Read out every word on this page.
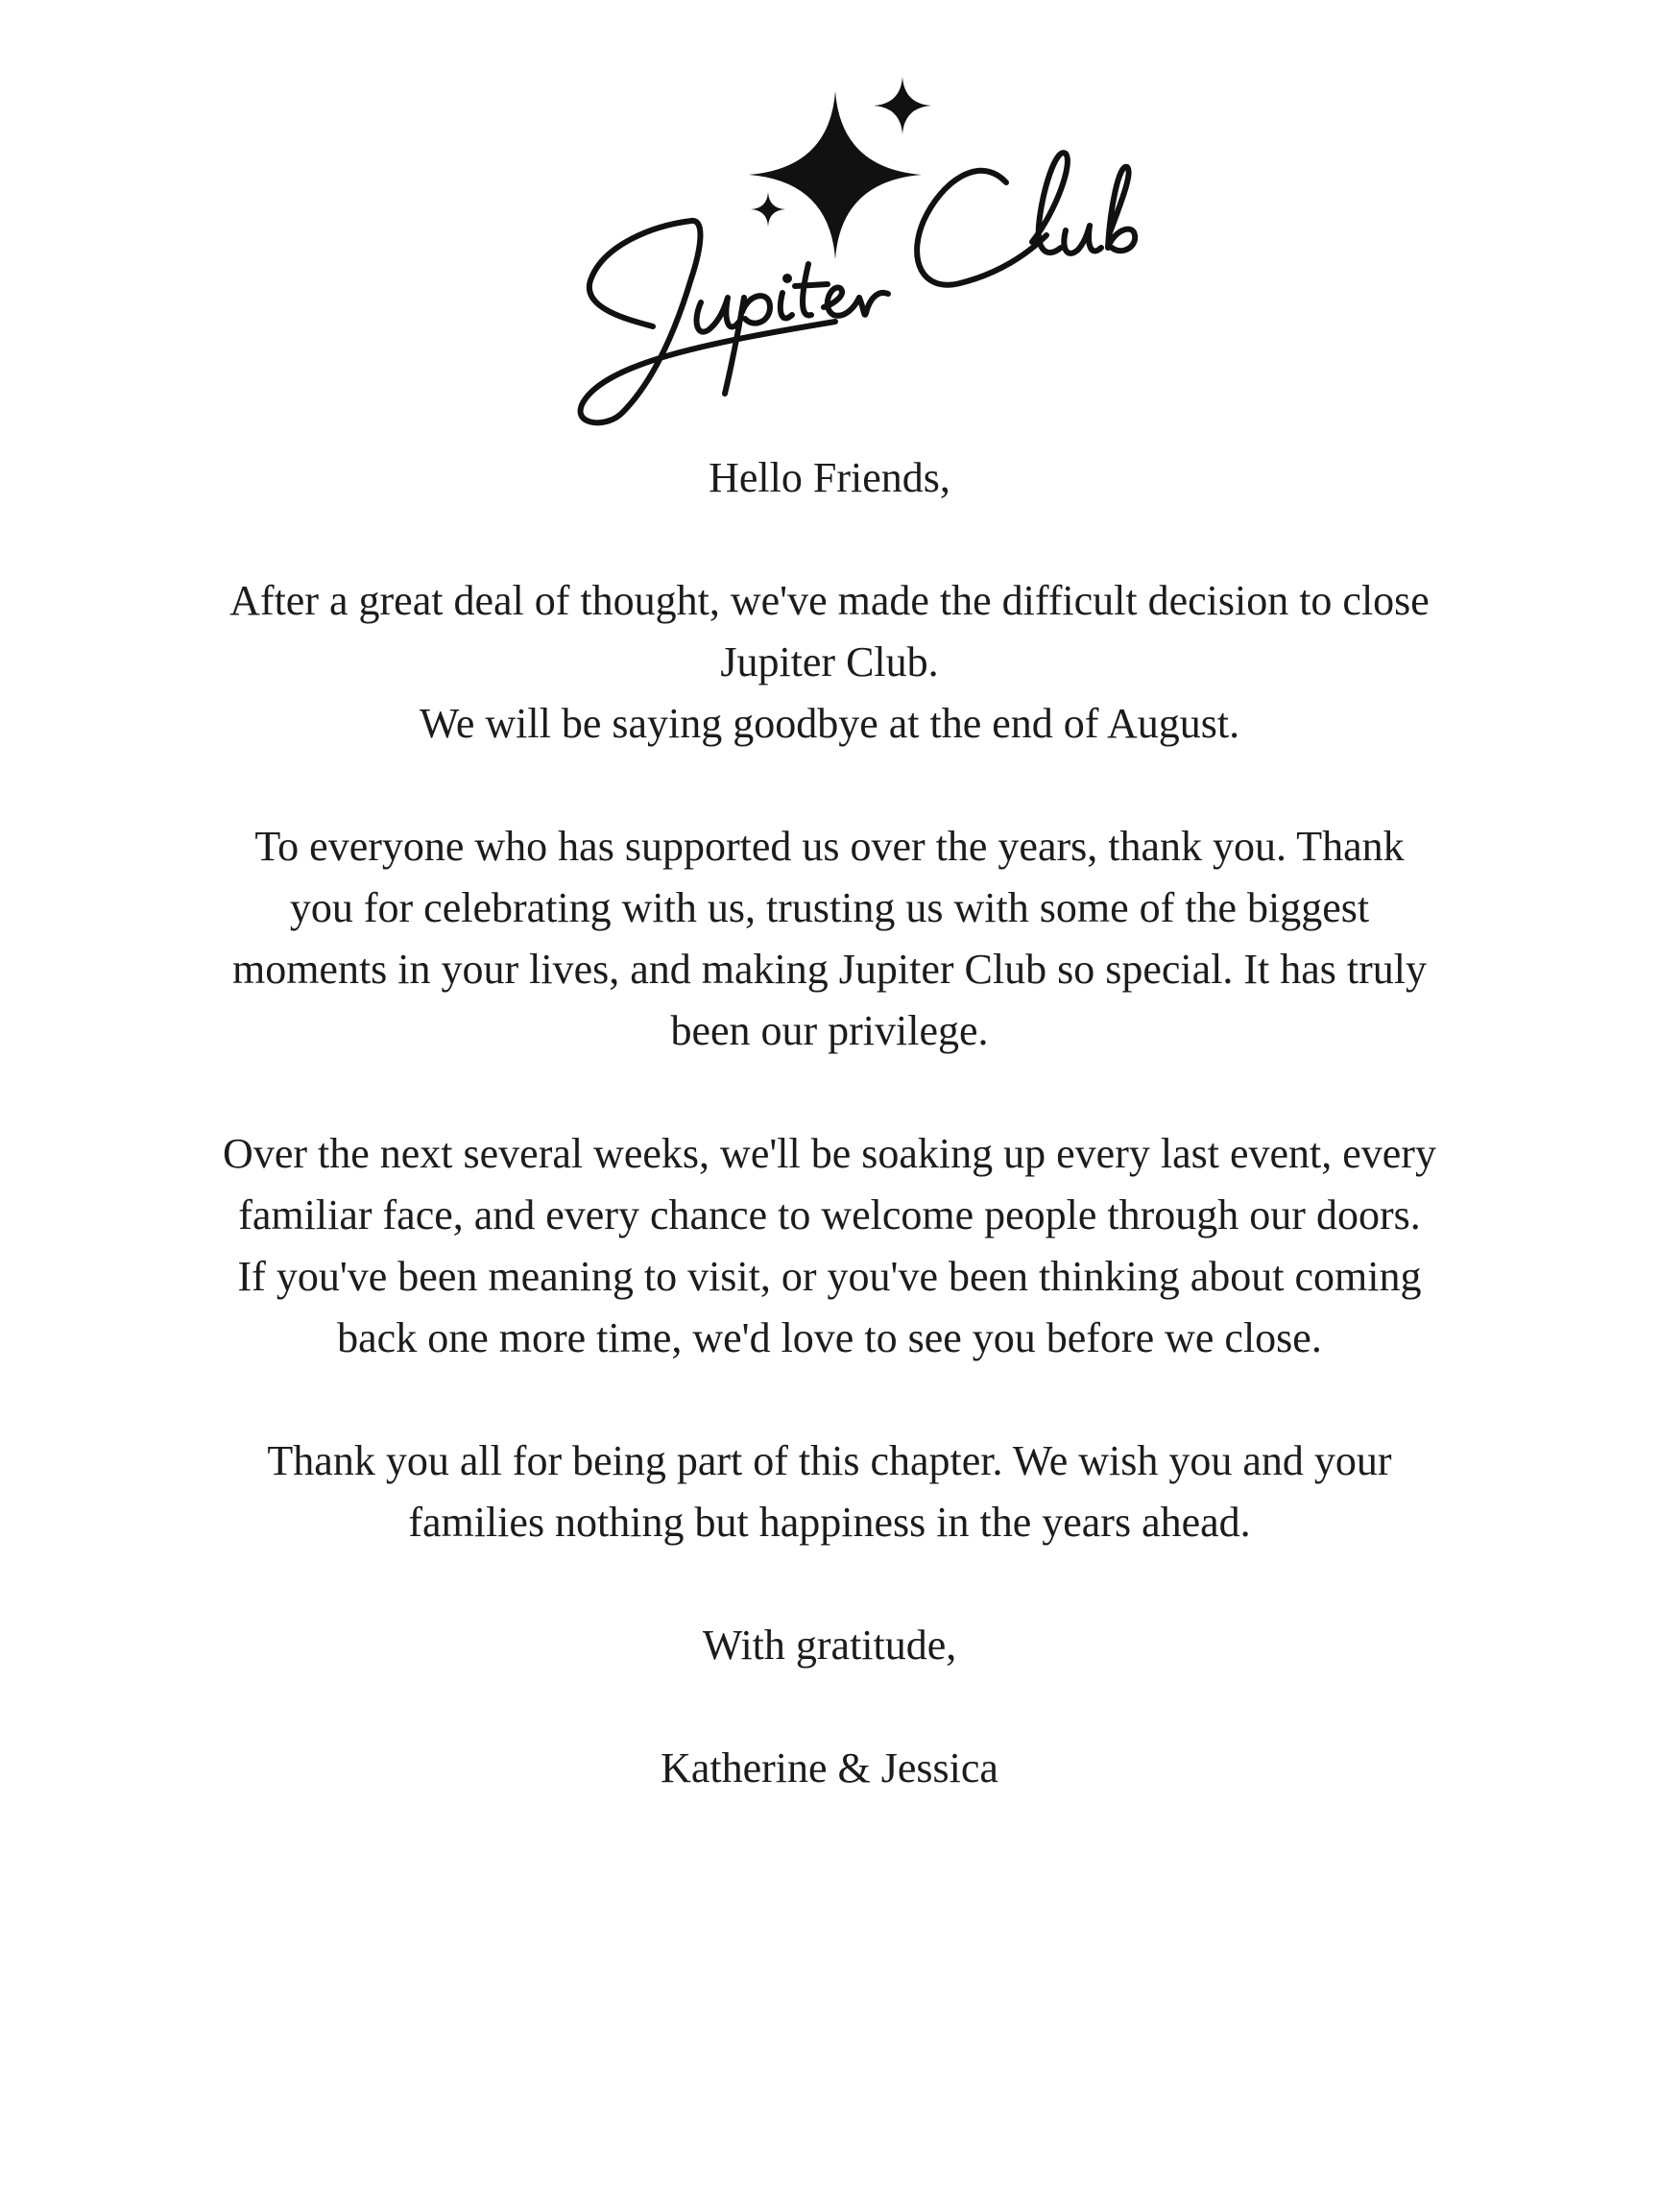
Hello Friends,

After a great deal of thought, we've made the difficult decision to close
Jupiter Club.
We will be saying goodbye at the end of August.

To everyone who has supported us over the years, thank you. Thank
you for celebrating with us, trusting us with some of the biggest
moments in your lives, and making Jupiter Club so special. It has truly
been our privilege.

Over the next several weeks, we'll be soaking up every last event, every
familiar face, and every chance to welcome people through our doors.
If you've been meaning to visit, or you've been thinking about coming
back one more time, we'd love to see you before we close.

Thank you all for being part of this chapter. We wish you and your
families nothing but happiness in the years ahead.

With gratitude,

Katherine & Jessica
